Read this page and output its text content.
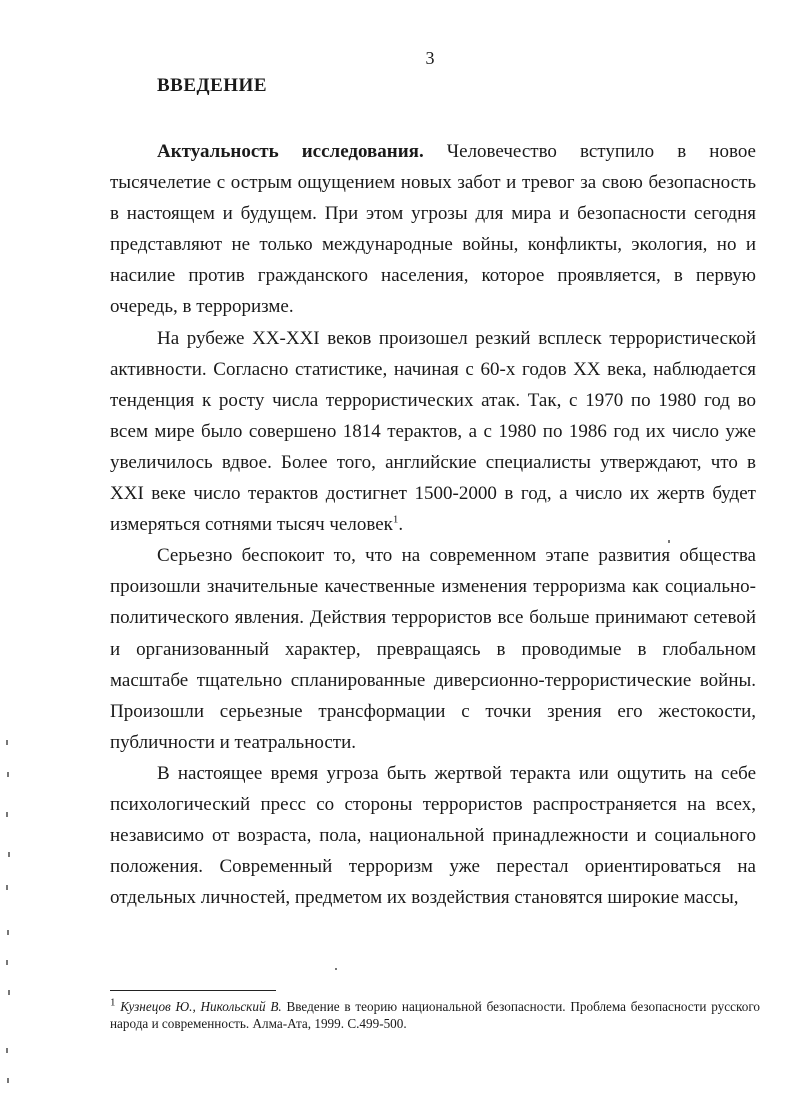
3
ВВЕДЕНИЕ

Актуальность исследования. Человечество вступило в новое тысячелетие с острым ощущением новых забот и тревог за свою безопасность в настоящем и будущем. При этом угрозы для мира и безопасности сегодня представляют не только международные войны, конфликты, экология, но и насилие против гражданского населения, которое проявляется, в первую очередь, в терроризме.

На рубеже XX-XXI веков произошел резкий всплеск террористической активности. Согласно статистике, начиная с 60-х годов XX века, наблюдается тенденция к росту числа террористических атак. Так, с 1970 по 1980 год во всем мире было совершено 1814 терактов, а с 1980 по 1986 год их число уже увеличилось вдвое. Более того, английские специалисты утверждают, что в XXI веке число терактов достигнет 1500-2000 в год, а число их жертв будет измеряться сотнями тысяч человек$^1$.

Серьезно беспокоит то, что на современном этапе развития общества произошли значительные качественные изменения терроризма как социально-политического явления. Действия террористов все больше принимают сетевой и организованный характер, превращаясь в проводимые в глобальном масштабе тщательно спланированные диверсионно-террористические войны. Произошли серьезные трансформации с точки зрения его жестокости, публичности и театральности.

В настоящее время угроза быть жертвой теракта или ощутить на себе психологический пресс со стороны террористов распространяется на всех, независимо от возраста, пола, национальной принадлежности и социального положения. Современный терроризм уже перестал ориентироваться на отдельных личностей, предметом их воздействия становятся широкие массы,

$^1$ Кузнецов Ю., Никольский В. Введение в теорию национальной безопасности. Проблема безопасности русского народа и современность. Алма-Ата, 1999. С.499-500.
